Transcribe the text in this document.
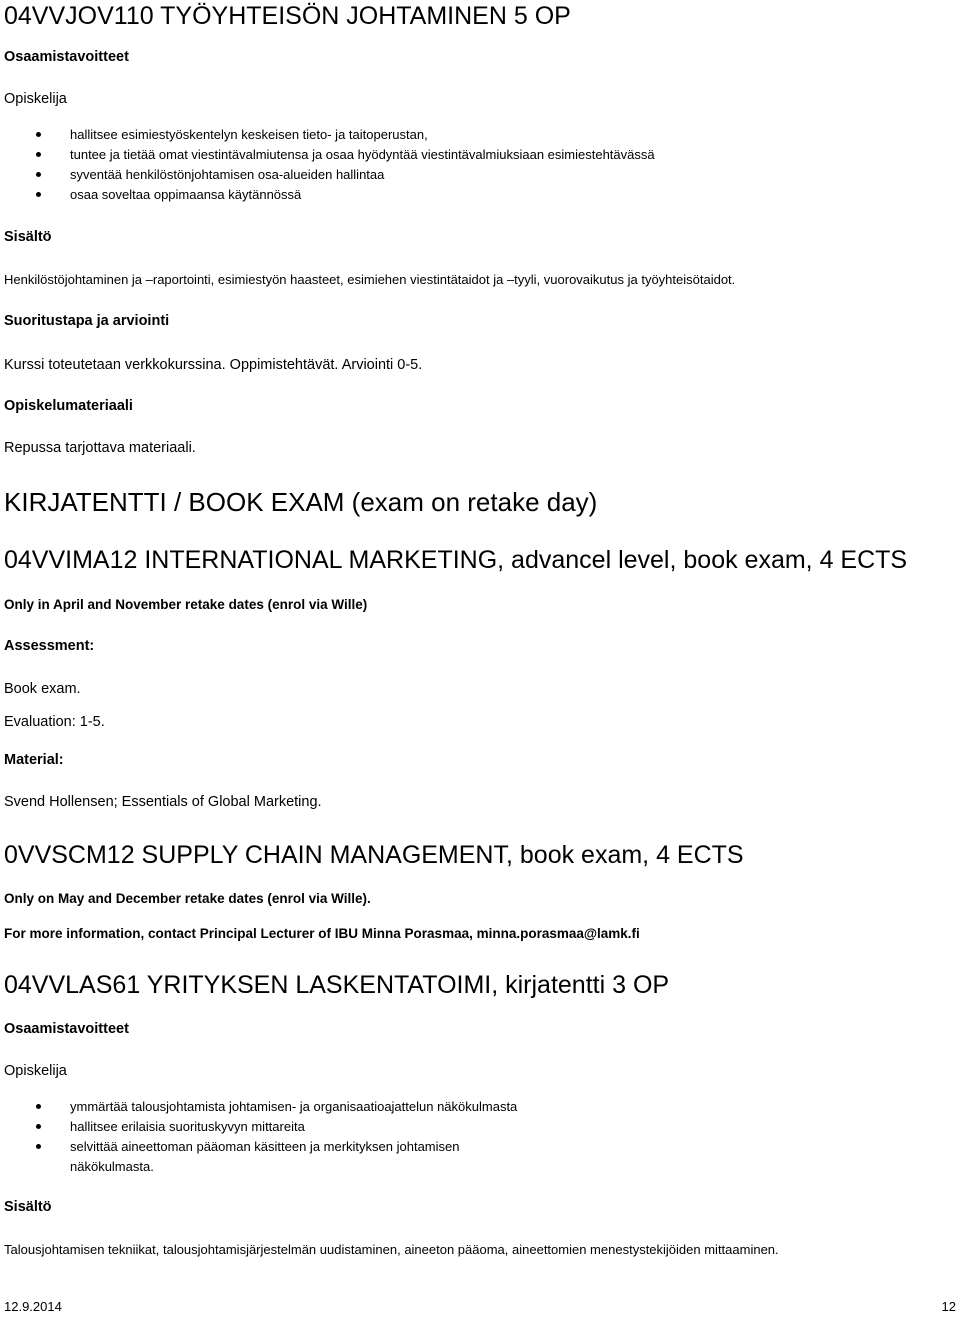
04VVJOV110 TYÖYHTEISÖN JOHTAMINEN 5 OP
Osaamistavoitteet
Opiskelija
hallitsee esimiestyöskentelyn keskeisen tieto- ja taitoperustan,
tuntee ja tietää omat viestintävalmiutensa ja osaa hyödyntää viestintävalmiuksiaan esimiestehtävässä
syventää henkilöstönjohtamisen osa-alueiden hallintaa
osaa soveltaa oppimaansa käytännössä
Sisältö
Henkilöstöjohtaminen ja –raportointi, esimiestyön haasteet, esimiehen viestintätaidot ja –tyyli, vuorovaikutus ja työyhteisötaidot.
Suoritustapa ja arviointi
Kurssi toteutetaan verkkokurssina. Oppimistehtävät. Arviointi 0-5.
Opiskelumateriaali
Repussa tarjottava materiaali.
KIRJATENTTI / BOOK EXAM (exam on retake day)
04VVIMA12 INTERNATIONAL MARKETING, advancel level, book exam, 4 ECTS
Only in April and November retake dates (enrol via Wille)
Assessment:
Book exam.
Evaluation: 1-5.
Material:
Svend Hollensen; Essentials of Global Marketing.
0VVSCM12 SUPPLY CHAIN MANAGEMENT, book exam, 4 ECTS
Only on May and December retake dates (enrol via Wille).
For more information, contact Principal Lecturer of IBU Minna Porasmaa, minna.porasmaa@lamk.fi
04VVLAS61 YRITYKSEN LASKENTATOIMI, kirjatentti 3 OP
Osaamistavoitteet
Opiskelija
ymmärtää talousjohtamista johtamisen- ja organisaatioajattelun näkökulmasta
hallitsee erilaisia suorituskyvyn mittareita
selvittää aineettoman pääoman käsitteen ja merkityksen johtamisen
näkökulmasta.
Sisältö
Talousjohtamisen tekniikat, talousjohtamisjärjestelmän uudistaminen, aineeton pääoma, aineettomien menestystekijöiden mittaaminen.
12.9.2014	12
